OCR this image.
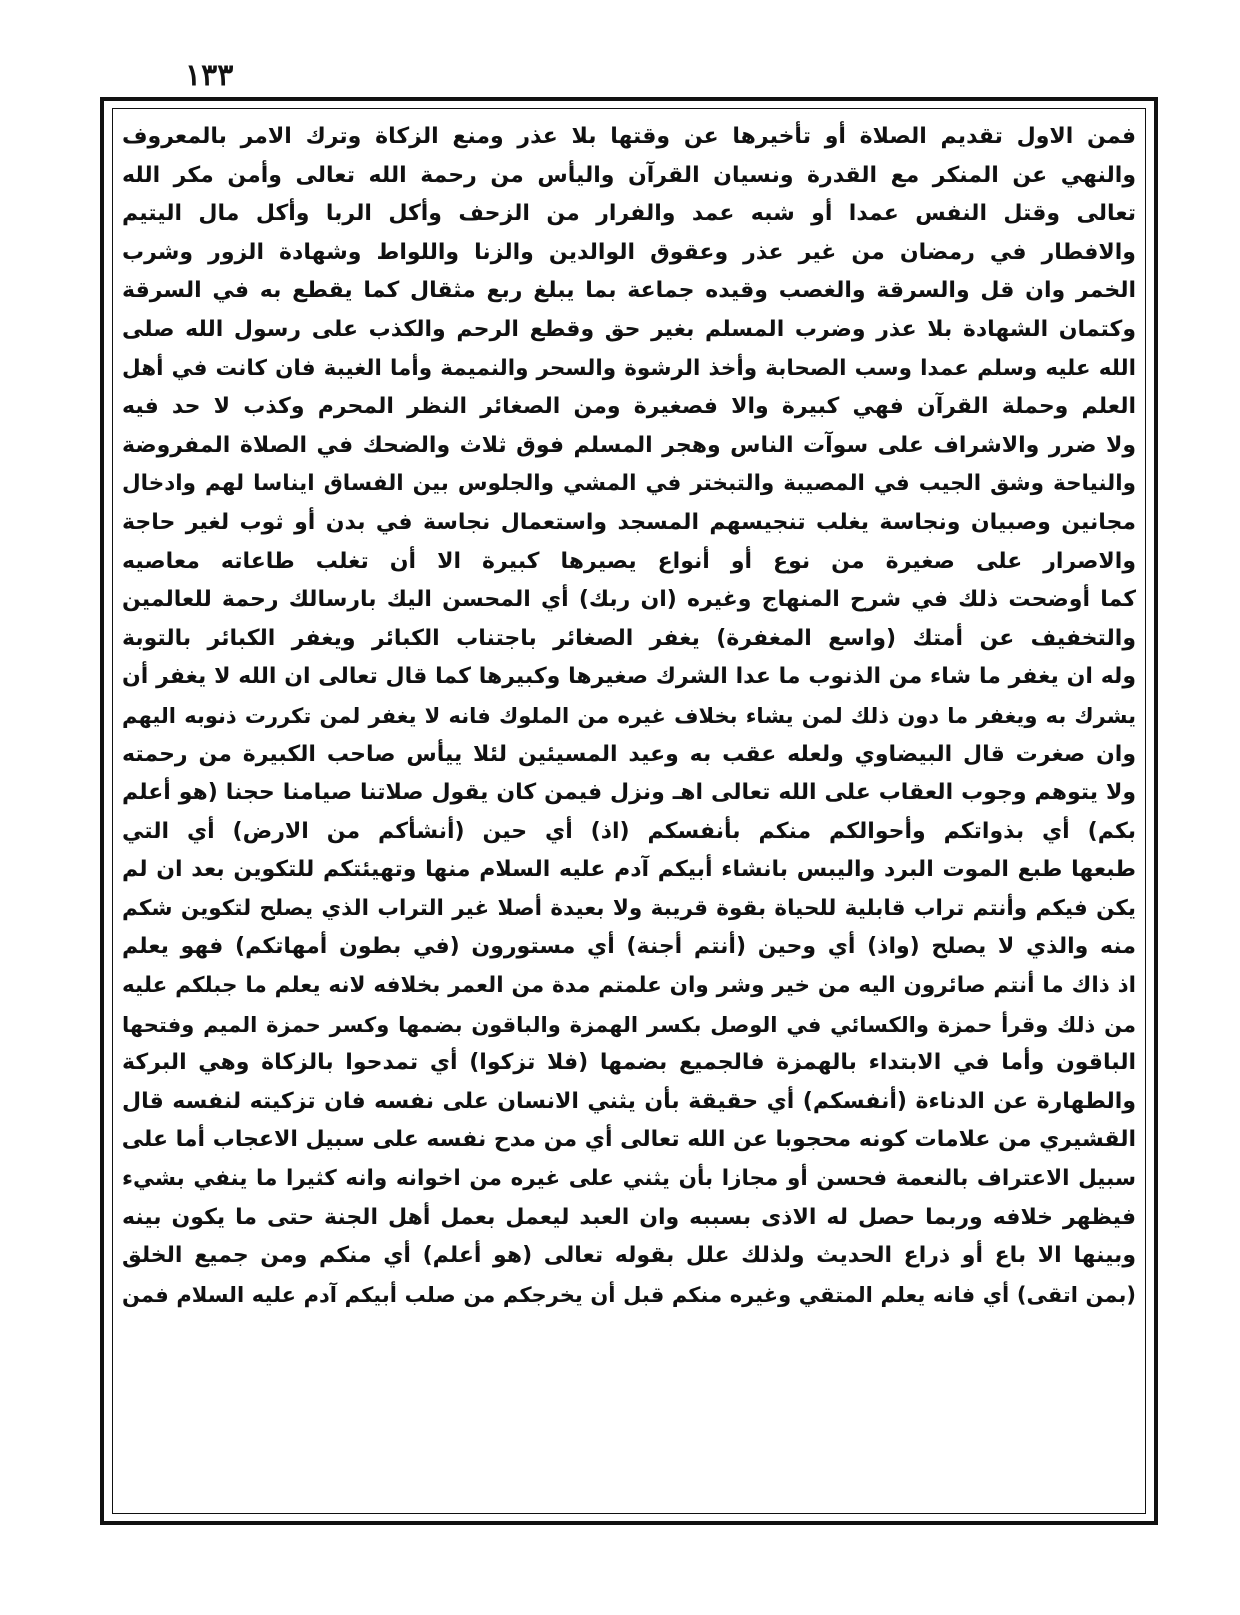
١٣٣
فمن الاول تقديم الصلاة أو تأخيرها عن وقتها بلا عذر ومنع الزكاة وترك الامر بالمعروف
والنهي عن المنكر مع القدرة ونسيان القرآن واليأس من رحمة الله تعالى وأمن مكر الله
تعالى وقتل النفس عمدا أو شبه عمد والفرار من الزحف وأكل الربا وأكل مال اليتيم
والافطار في رمضان من غير عذر وعقوق الوالدين والزنا واللواط وشهادة الزور وشرب
الخمر وان قل والسرقة والغصب وقيده جماعة بما يبلغ ربع مثقال كما يقطع به في السرقة
وكتمان الشهادة بلا عذر وضرب المسلم بغير حق وقطع الرحم والكذب على رسول الله صلى
الله عليه وسلم عمدا وسب الصحابة وأخذ الرشوة والسحر والنميمة وأما الغيبة فان كانت في أهل
العلم وحملة القرآن فهي كبيرة والا فصغيرة ومن الصغائر النظر المحرم وكذب لا حد فيه
ولا ضرر والاشراف على سوآت الناس وهجر المسلم فوق ثلاث والضحك في الصلاة المفروضة
والنياحة وشق الجيب في المصيبة والتبختر في المشي والجلوس بين الفساق ايناسا لهم وادخال
مجانين وصبيان ونجاسة يغلب تنجيسهم المسجد واستعمال نجاسة في بدن أو ثوب لغير حاجة
والاصرار على صغيرة من نوع أو أنواع يصيرها كبيرة الا أن تغلب طاعاته معاصيه
كما أوضحت ذلك في شرح المنهاج وغيره (ان ربك) أي المحسن اليك بارسالك رحمة للعالمين
والتخفيف عن أمتك (واسع المغفرة) يغفر الصغائر باجتناب الكبائر ويغفر الكبائر بالتوبة
وله ان يغفر ما شاء من الذنوب ما عدا الشرك صغيرها وكبيرها كما قال تعالى ان الله لا يغفر أن
يشرك به ويغفر ما دون ذلك لمن يشاء بخلاف غيره من الملوك فانه لا يغفر لمن تكررت ذنوبه اليهم
وان صغرت قال البيضاوي ولعله عقب به وعيد المسيئين لئلا ييأس صاحب الكبيرة من رحمته
ولا يتوهم وجوب العقاب على الله تعالى اهـ ونزل فيمن كان يقول صلاتنا صيامنا حجنا (هو أعلم
بكم) أي بذواتكم وأحوالكم منكم بأنفسكم (اذ) أي حين (أنشأكم من الارض) أي التي
طبعها طبع الموت البرد واليبس بانشاء أبيكم آدم عليه السلام منها وتهيئتكم للتكوين بعد ان لم
يكن فيكم وأنتم تراب قابلية للحياة بقوة قريبة ولا بعيدة أصلا غير التراب الذي يصلح لتكوين شكم
منه والذي لا يصلح (واذ) أي وحين (أنتم أجنة) أي مستورون (في بطون أمهاتكم) فهو يعلم
اذ ذاك ما أنتم صائرون اليه من خير وشر وان علمتم مدة من العمر بخلافه لانه يعلم ما جبلكم عليه
من ذلك وقرأ حمزة والكسائي في الوصل بكسر الهمزة والباقون بضمها وكسر حمزة الميم وفتحها
الباقون وأما في الابتداء بالهمزة فالجميع بضمها (فلا تزكوا) أي تمدحوا بالزكاة وهي البركة
والطهارة عن الدناءة (أنفسكم) أي حقيقة بأن يثني الانسان على نفسه فان تزكيته لنفسه قال
القشيري من علامات كونه محجوبا عن الله تعالى أي من مدح نفسه على سبيل الاعجاب أما على
سبيل الاعتراف بالنعمة فحسن أو مجازا بأن يثني على غيره من اخوانه وانه كثيرا ما ينفي بشيء
فيظهر خلافه وربما حصل له الاذى بسببه وان العبد ليعمل بعمل أهل الجنة حتى ما يكون بينه
وبينها الا باع أو ذراع الحديث ولذلك علل بقوله تعالى (هو أعلم) أي منكم ومن جميع الخلق
(بمن اتقى) أي فانه يعلم المتقي وغيره منكم قبل أن يخرجكم من صلب أبيكم آدم عليه السلام فمن
